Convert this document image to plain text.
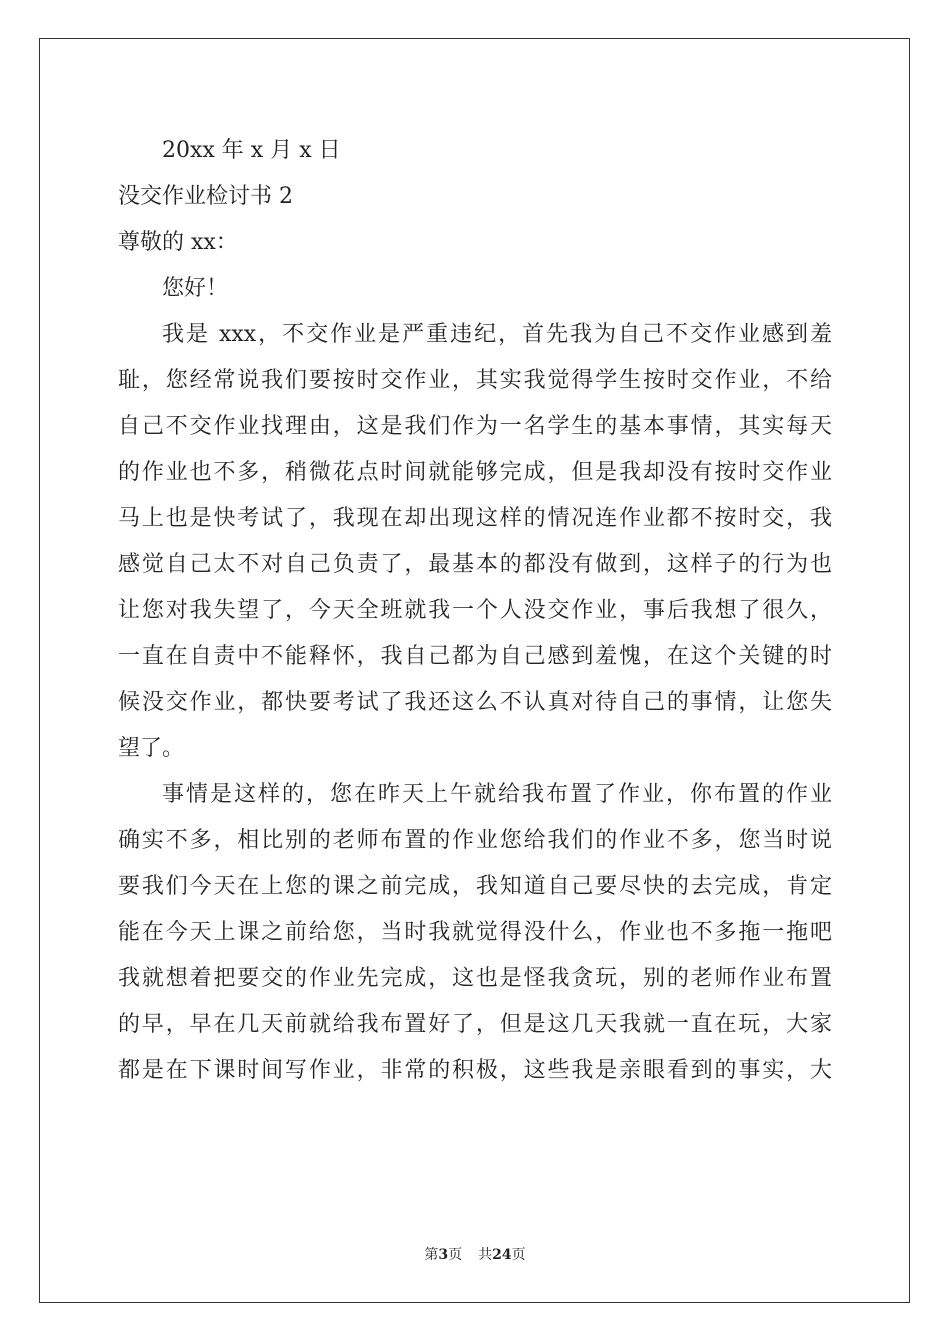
20xx 年 x 月 x 日
没交作业检讨书 2
尊敬的 xx：
您好！
我是 xxx，不交作业是严重违纪，首先我为自己不交作业感到羞
耻，您经常说我们要按时交作业，其实我觉得学生按时交作业，不给
自己不交作业找理由，这是我们作为一名学生的基本事情，其实每天
的作业也不多，稍微花点时间就能够完成，但是我却没有按时交作业
马上也是快考试了，我现在却出现这样的情况连作业都不按时交，我
感觉自己太不对自己负责了，最基本的都没有做到，这样子的行为也
让您对我失望了，今天全班就我一个人没交作业，事后我想了很久，
一直在自责中不能释怀，我自己都为自己感到羞愧，在这个关键的时
候没交作业，都快要考试了我还这么不认真对待自己的事情，让您失
望了。
事情是这样的，您在昨天上午就给我布置了作业，你布置的作业
确实不多，相比别的老师布置的作业您给我们的作业不多，您当时说
要我们今天在上您的课之前完成，我知道自己要尽快的去完成，肯定
能在今天上课之前给您，当时我就觉得没什么，作业也不多拖一拖吧
我就想着把要交的作业先完成，这也是怪我贪玩，别的老师作业布置
的早，早在几天前就给我布置好了，但是这几天我就一直在玩，大家
都是在下课时间写作业，非常的积极，这些我是亲眼看到的事实，大
第3页 共24页
